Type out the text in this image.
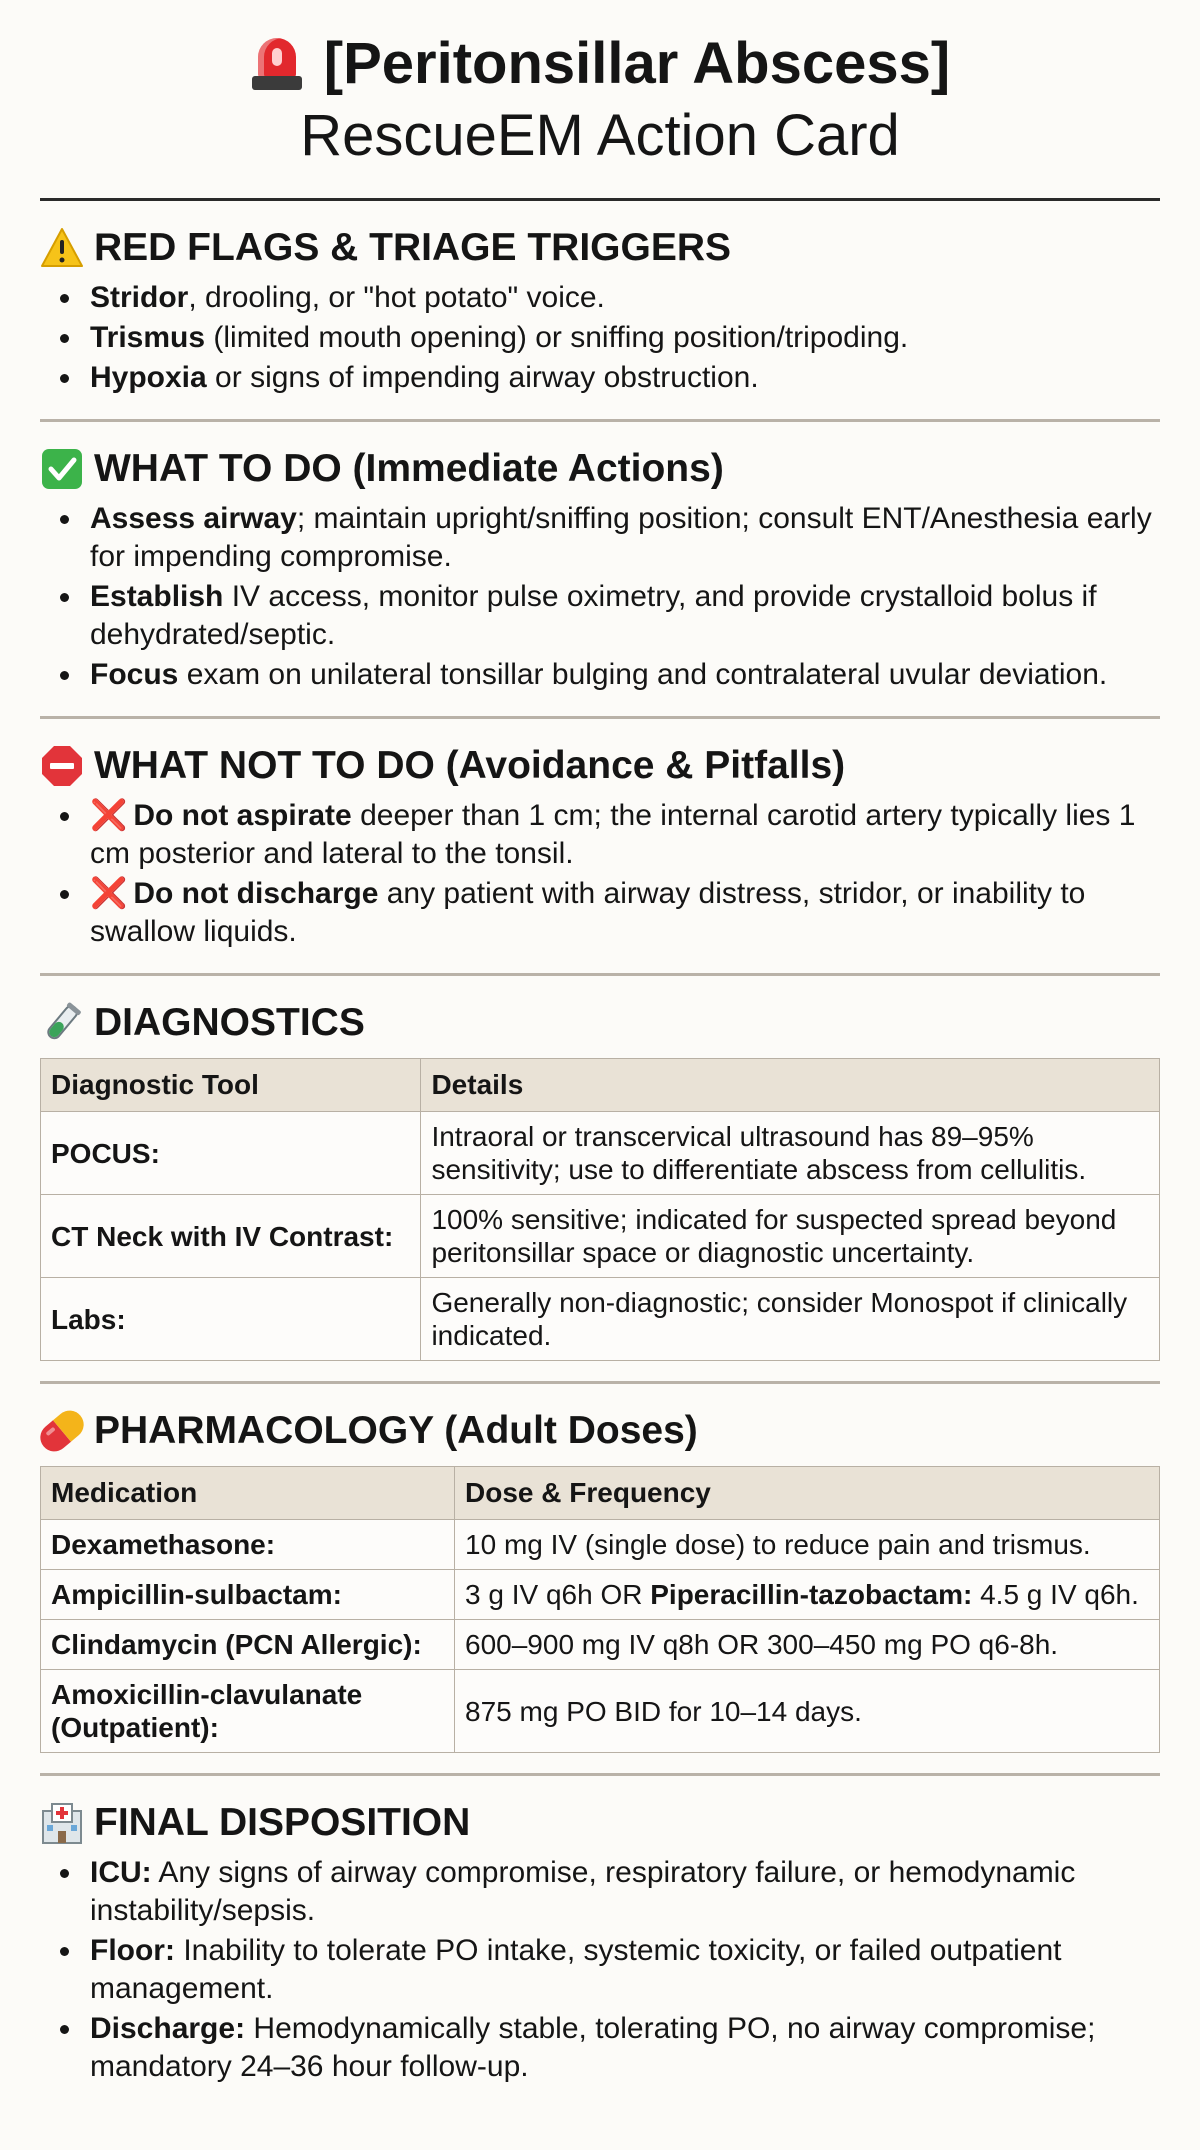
[Peritonsillar Abscess]
RescueEM Action Card
RED FLAGS & TRIAGE TRIGGERS
Stridor, drooling, or "hot potato" voice.
Trismus (limited mouth opening) or sniffing position/tripoding.
Hypoxia or signs of impending airway obstruction.
WHAT TO DO (Immediate Actions)
Assess airway; maintain upright/sniffing position; consult ENT/Anesthesia early for impending compromise.
Establish IV access, monitor pulse oximetry, and provide crystalloid bolus if dehydrated/septic.
Focus exam on unilateral tonsillar bulging and contralateral uvular deviation.
WHAT NOT TO DO (Avoidance & Pitfalls)
❌ Do not aspirate deeper than 1 cm; the internal carotid artery typically lies 1 cm posterior and lateral to the tonsil.
❌ Do not discharge any patient with airway distress, stridor, or inability to swallow liquids.
DIAGNOSTICS
Diagnostic Tool	Details
POCUS:	Intraoral or transcervical ultrasound has 89–95% sensitivity; use to differentiate abscess from cellulitis.
CT Neck with IV Contrast:	100% sensitive; indicated for suspected spread beyond peritonsillar space or diagnostic uncertainty.
Labs:	Generally non-diagnostic; consider Monospot if clinically indicated.
PHARMACOLOGY (Adult Doses)
Medication	Dose & Frequency
Dexamethasone:	10 mg IV (single dose) to reduce pain and trismus.
Ampicillin-sulbactam:	3 g IV q6h OR Piperacillin-tazobactam: 4.5 g IV q6h.
Clindamycin (PCN Allergic):	600–900 mg IV q8h OR 300–450 mg PO q6-8h.
Amoxicillin-clavulanate (Outpatient):	875 mg PO BID for 10–14 days.
FINAL DISPOSITION
ICU: Any signs of airway compromise, respiratory failure, or hemodynamic instability/sepsis.
Floor: Inability to tolerate PO intake, systemic toxicity, or failed outpatient management.
Discharge: Hemodynamically stable, tolerating PO, no airway compromise; mandatory 24–36 hour follow-up.
